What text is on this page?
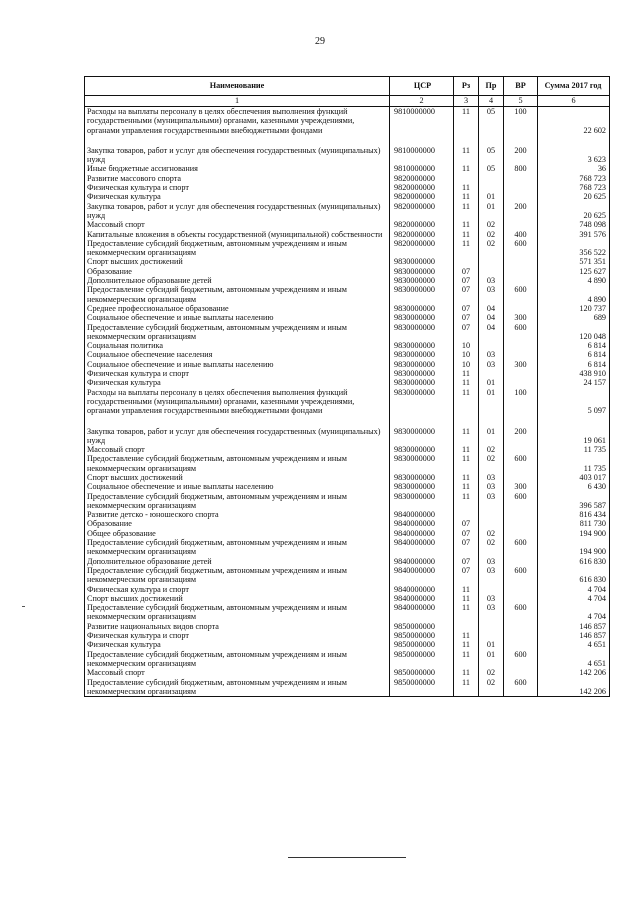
29
Наименование	ЦСР	Рз	Пр	ВР	Сумма 2017 год
1	2	3	4	5	6
Расходы на выплаты персоналу в целях обеспечения выполнения функций государственными (муниципальными) органами, казенными учреждениями, органами управления государственными внебюджетными фондами	9810000000	11	05	100	22 602
Закупка товаров, работ и услуг для обеспечения государственных (муниципальных) нужд	9810000000	11	05	200	3 623
Иные бюджетные ассигнования	9810000000	11	05	800	36
Развитие массового спорта	9820000000				768 723
Физическая культура и спорт	9820000000	11			768 723
Физическая культура	9820000000	11	01		20 625
Закупка товаров, работ и услуг для обеспечения государственных (муниципальных) нужд	9820000000	11	01	200	20 625
Массовый спорт	9820000000	11	02		748 098
Капитальные вложения в объекты государственной (муниципальной) собственности	9820000000	11	02	400	391 576
Предоставление субсидий бюджетным, автономным учреждениям и иным некоммерческим организациям	9820000000	11	02	600	356 522
Спорт высших достижений	9830000000				571 351
Образование	9830000000	07			125 627
Дополнительное образование детей	9830000000	07	03		4 890
Предоставление субсидий бюджетным, автономным учреждениям и иным некоммерческим организациям	9830000000	07	03	600	4 890
Среднее профессиональное образование	9830000000	07	04		120 737
Социальное обеспечение и иные выплаты населению	9830000000	07	04	300	689
Предоставление субсидий бюджетным, автономным учреждениям и иным некоммерческим организациям	9830000000	07	04	600	120 048
Социальная политика	9830000000	10			6 814
Социальное обеспечение населения	9830000000	10	03		6 814
Социальное обеспечение и иные выплаты населению	9830000000	10	03	300	6 814
Физическая культура и спорт	9830000000	11			438 910
Физическая культура	9830000000	11	01		24 157
Расходы на выплаты персоналу в целях обеспечения выполнения функций государственными (муниципальными) органами, казенными учреждениями, органами управления государственными внебюджетными фондами	9830000000	11	01	100	5 097
Закупка товаров, работ и услуг для обеспечения государственных (муниципальных) нужд	9830000000	11	01	200	19 061
Массовый спорт	9830000000	11	02		11 735
Предоставление субсидий бюджетным, автономным учреждениям и иным некоммерческим организациям	9830000000	11	02	600	11 735
Спорт высших достижений	9830000000	11	03		403 017
Социальное обеспечение и иные выплаты населению	9830000000	11	03	300	6 430
Предоставление субсидий бюджетным, автономным учреждениям и иным некоммерческим организациям	9830000000	11	03	600	396 587
Развитие детско - юношеского спорта	9840000000				816 434
Образование	9840000000	07			811 730
Общее образование	9840000000	07	02		194 900
Предоставление субсидий бюджетным, автономным учреждениям и иным некоммерческим организациям	9840000000	07	02	600	194 900
Дополнительное образование детей	9840000000	07	03		616 830
Предоставление субсидий бюджетным, автономным учреждениям и иным некоммерческим организациям	9840000000	07	03	600	616 830
Физическая культура и спорт	9840000000	11			4 704
Спорт высших достижений	9840000000	11	03		4 704
Предоставление субсидий бюджетным, автономным учреждениям и иным некоммерческим организациям	9840000000	11	03	600	4 704
Развитие национальных видов спорта	9850000000				146 857
Физическая культура и спорт	9850000000	11			146 857
Физическая культура	9850000000	11	01		4 651
Предоставление субсидий бюджетным, автономным учреждениям и иным некоммерческим организациям	9850000000	11	01	600	4 651
Массовый спорт	9850000000	11	02		142 206
Предоставление субсидий бюджетным, автономным учреждениям и иным некоммерческим организациям	9850000000	11	02	600	142 206
